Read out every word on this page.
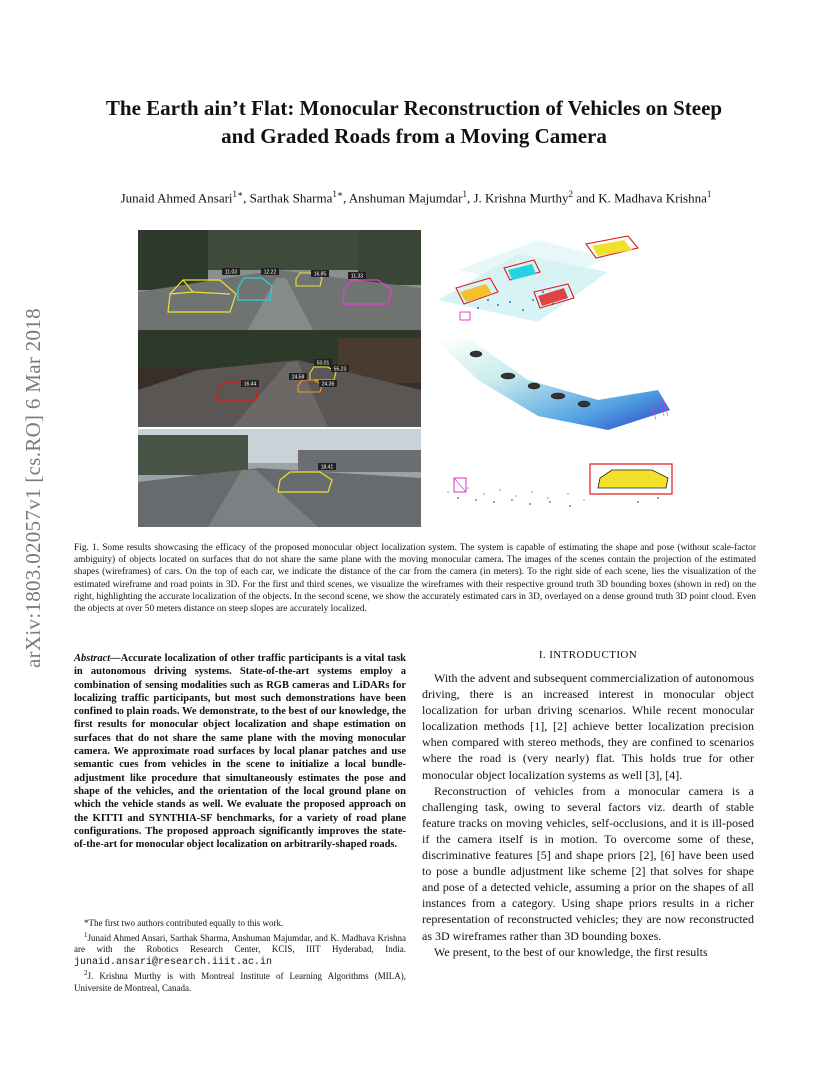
arXiv:1803.02057v1 [cs.RO] 6 Mar 2018
The Earth ain’t Flat: Monocular Reconstruction of Vehicles on Steep
and Graded Roads from a Moving Camera
Junaid Ahmed Ansari$^{1∗}$, Sarthak Sharma$^{1∗}$, Anshuman Majumdar$^1$, J. Krishna Murthy$^2$ and K. Madhava Krishna$^1$
11.03	12.22	16.85	11.33
53.01
55.23
24.58
24.36
16.44
18.41
Fig. 1. Some results showcasing the efficacy of the proposed monocular object localization system. The system is capable of estimating the shape and pose (without scale-factor ambiguity) of objects located on surfaces that do not share the same plane with the moving monocular camera. The images of the scenes contain the projection of the estimated shapes (wireframes) of cars. On the top of each car, we indicate the distance of the car from the camera (in meters). To the right side of each scene, lies the visualization of the estimated wireframe and road points in 3D. For the first and third scenes, we visualize the wireframes with their respective ground truth 3D bounding boxes (shown in red) on the right, highlighting the accurate localization of the objects. In the second scene, we show the accurately estimated cars in 3D, overlayed on a dense ground truth 3D point cloud. Even the objects at over 50 meters distance on steep slopes are accurately localized.
Abstract—Accurate localization of other traffic participants is a vital task in autonomous driving systems. State-of-the-art systems employ a combination of sensing modalities such as RGB cameras and LiDARs for localizing traffic participants, but most such demonstrations have been confined to plain roads. We demonstrate, to the best of our knowledge, the first results for monocular object localization and shape estimation on surfaces that do not share the same plane with the moving monocular camera. We approximate road surfaces by local planar patches and use semantic cues from vehicles in the scene to initialize a local bundle-adjustment like procedure that simultaneously estimates the pose and shape of the vehicles, and the orientation of the local ground plane on which the vehicle stands as well. We evaluate the proposed approach on the KITTI and SYNTHIA-SF benchmarks, for a variety of road plane configurations. The proposed approach significantly improves the state-of-the-art for monocular object localization on arbitrarily-shaped roads.

*The first two authors contributed equally to this work.

$^1$Junaid Ahmed Ansari, Sarthak Sharma, Anshuman Majumdar, and K. Madhava Krishna are with the Robotics Research Center, KCIS, IIIT Hyderabad, India. junaid.ansari@research.iiit.ac.in

$^2$J. Krishna Murthy is with Montreal Institute of Learning Algorithms (MILA), Universite de Montreal, Canada.

I. INTRODUCTION

With the advent and subsequent commercialization of autonomous driving, there is an increased interest in monocular object localization for urban driving scenarios. While recent monocular localization methods [1], [2] achieve better localization precision when compared with stereo methods, they are confined to scenarios where the road is (very nearly) flat. This holds true for other monocular object localization systems as well [3], [4].

Reconstruction of vehicles from a monocular camera is a challenging task, owing to several factors viz. dearth of stable feature tracks on moving vehicles, self-occlusions, and it is ill-posed if the camera itself is in motion. To overcome some of these, discriminative features [5] and shape priors [2], [6] have been used to pose a bundle adjustment like scheme [2] that solves for shape and pose of a detected vehicle, assuming a prior on the shapes of all instances from a category. Using shape priors results in a richer representation of reconstructed vehicles; they are now reconstructed as 3D wireframes rather than 3D bounding boxes.

We present, to the best of our knowledge, the first results
